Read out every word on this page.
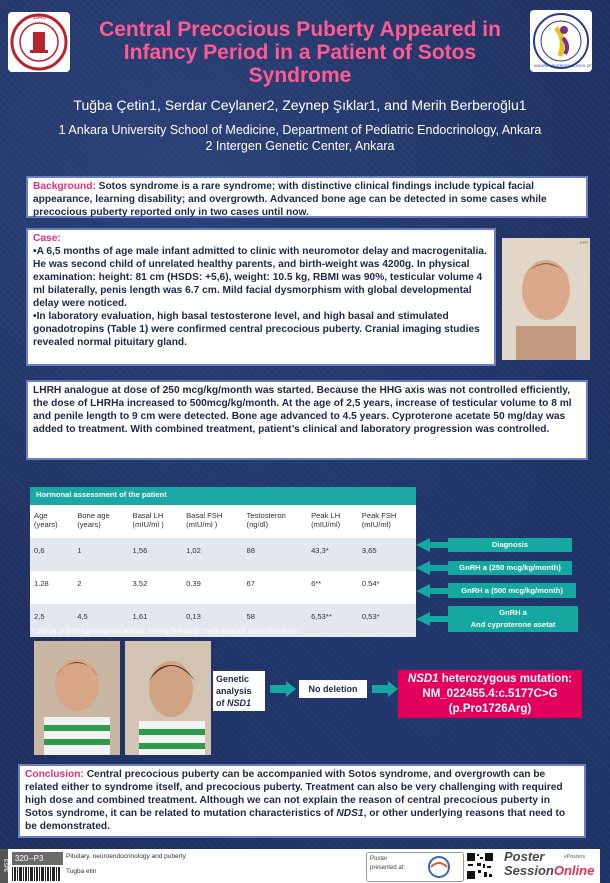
1945
ANKARA UNIVERSITY SCHOOL OF MEDICINE
Central Precocious Puberty Appeared in Infancy Period in a Patient of Sotos Syndrome
Tuğba Çetin1, Serdar Ceylaner2, Zeynep Şıklar1, and Merih Berberoğlu1
1 Ankara University School of Medicine, Department of Pediatric Endocrinology, Ankara
2 Intergen Genetic Center, Ankara
Background: Sotos syndrome is a rare syndrome; with distinctive clinical findings include typical facial appearance, learning disability; and overgrowth. Advanced bone age can be detected in some cases while precocious puberty reported only in two cases until now.
Case:
•A 6,5 months of age male infant admitted to clinic with neuromotor delay and macrogenitalia. He was second child of unrelated healthy parents, and birth-weight was 4200g. In physical examination: height: 81 cm (HSDS: +5,6), weight: 10.5 kg, RBMI was 90%, testicular volume 4 ml bilaterally, penis length was 6.7 cm. Mild facial dysmorphism with global developmental delay were noticed.
•In laboratory evaluation, high basal testosterone level, and high basal and stimulated gonadotropins (Table 1) were confirmed central precocious puberty. Cranial imaging studies revealed normal pituitary gland.
EPE
LHRH analogue at dose of 250 mcg/kg/month was started. Because the HHG axis was not controlled efficiently, the dose of LHRHa increased to 500mcg/kg/month. At the age of 2,5 years, increase of testicular volume to 8 ml and penile length to 9 cm were detected. Bone age advanced to 4.5 years. Cyproterone acetate 50 mg/day was added to treatment. With combined treatment, patient’s clinical and laboratory progression was controlled.
Hormonal assessment of the patient
Age
(years)	Bone age
(years)	Basal LH
(mIU/ml )	Basal FSH
(mIU/ml )	Testosteron
(ng/dl)	Peak LH
(mIU/ml)	Peak FSH
(mIU/ml)
0,6	1	1,56	1,02	88	43,3*	3,65
1.28	2	3.52	0.39	67	6**	0.54*
2,5	4,5	1,61	0,13	58	6,53**	0,53*
* 100 µg of GnRH (gonadorelin acetate, Ferring Standard). **with leuprolid asetat stimulation
Diagnosis
GnRH a (250 mcg/kg/month)
GnRH a (500 mcg/kg/month)
GnRH a
And cyproterone asetat
Genetic
analysis
of NSD1
No deletion
NSD1 heterozygous mutation:
NM_022455.4:c.5177C>G
(p.Pro1726Arg)
Conclusion: Central precocious puberty can be accompanied with Sotos syndrome, and overgrowth can be related either to syndrome itself, and precocious puberty. Treatment can also be very challenging with required high dose and combined treatment. Although we can not explain the reason of central precocious puberty in Sotos syndrome, it can be related to mutation characteristics of NDS1, or other underlying reasons that need to be demonstrated.
ESPE
320--P3	Pituitary, neuroendocrinology and puberty
Tugba etin
Poster
presented at:
Poster
SessionOnline
ePosters
